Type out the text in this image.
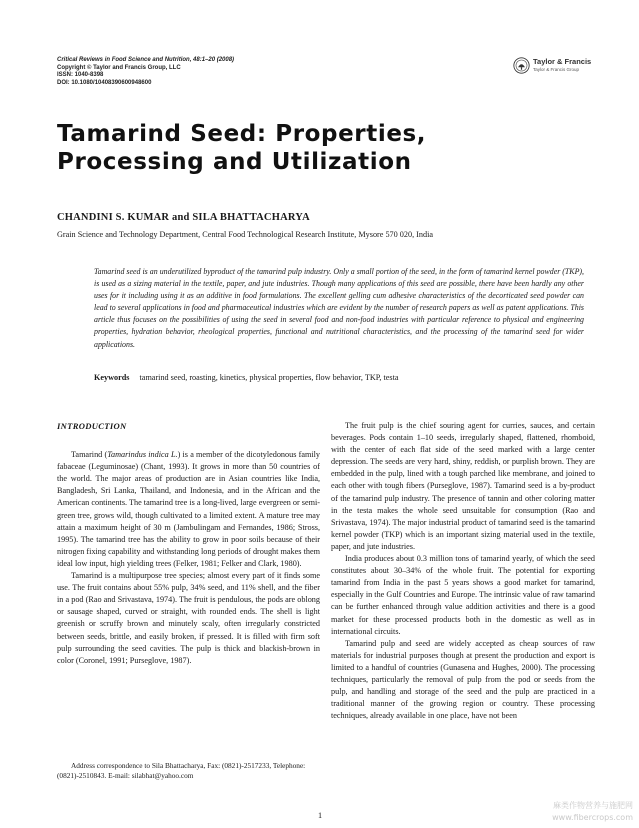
Critical Reviews in Food Science and Nutrition, 48:1–20 (2008)
Copyright © Taylor and Francis Group, LLC
ISSN: 1040-8398
DOI: 10.1080/10408390600948600
Taylor & Francis
Taylor & Francis Group
Tamarind Seed: Properties,
Processing and Utilization
CHANDINI S. KUMAR and SILA BHATTACHARYA
Grain Science and Technology Department, Central Food Technological Research Institute, Mysore 570 020, India
Tamarind seed is an underutilized byproduct of the tamarind pulp industry. Only a small portion of the seed, in the form of tamarind kernel powder (TKP), is used as a sizing material in the textile, paper, and jute industries. Though many applications of this seed are possible, there have been hardly any other uses for it including using it as an additive in food formulations. The excellent gelling cum adhesive characteristics of the decorticated seed powder can lead to several applications in food and pharmaceutical industries which are evident by the number of research papers as well as patent applications. This article thus focuses on the possibilities of using the seed in several food and non-food industries with particular reference to physical and engineering properties, hydration behavior, rheological properties, functional and nutritional characteristics, and the processing of the tamarind seed for wider applications.
Keywords tamarind seed, roasting, kinetics, physical properties, flow behavior, TKP, testa

INTRODUCTION

Tamarind (Tamarindus indica L.) is a member of the dicotyledonous family fabaceae (Leguminosae) (Chant, 1993). It grows in more than 50 countries of the world. The major areas of production are in Asian countries like India, Bangladesh, Sri Lanka, Thailand, and Indonesia, and in the African and the American continents. The tamarind tree is a long-lived, large evergreen or semi-green tree, grows wild, though cultivated to a limited extent. A mature tree may attain a maximum height of 30 m (Jambulingam and Fernandes, 1986; Stross, 1995). The tamarind tree has the ability to grow in poor soils because of their nitrogen fixing capability and withstanding long periods of drought makes them ideal low input, high yielding trees (Felker, 1981; Felker and Clark, 1980).

Tamarind is a multipurpose tree species; almost every part of it finds some use. The fruit contains about 55% pulp, 34% seed, and 11% shell, and the fiber in a pod (Rao and Srivastava, 1974). The fruit is pendulous, the pods are oblong or sausage shaped, curved or straight, with rounded ends. The shell is light greenish or scruffy brown and minutely scaly, often irregularly constricted between seeds, brittle, and easily broken, if pressed. It is filled with firm soft pulp surrounding the seed cavities. The pulp is thick and blackish-brown in color (Coronel, 1991; Purseglove, 1987).

The fruit pulp is the chief souring agent for curries, sauces, and certain beverages. Pods contain 1–10 seeds, irregularly shaped, flattened, rhomboid, with the center of each flat side of the seed marked with a large center depression. The seeds are very hard, shiny, reddish, or purplish brown. They are embedded in the pulp, lined with a tough parched like membrane, and joined to each other with tough fibers (Purseglove, 1987). Tamarind seed is a by-product of the tamarind pulp industry. The presence of tannin and other coloring matter in the testa makes the whole seed unsuitable for consumption (Rao and Srivastava, 1974). The major industrial product of tamarind seed is the tamarind kernel powder (TKP) which is an important sizing material used in the textile, paper, and jute industries.

India produces about 0.3 million tons of tamarind yearly, of which the seed constitutes about 30–34% of the whole fruit. The potential for exporting tamarind from India in the past 5 years shows a good market for tamarind, especially in the Gulf Countries and Europe. The intrinsic value of raw tamarind can be further enhanced through value addition activities and there is a good market for these processed products both in the domestic as well as in international circuits.

Tamarind pulp and seed are widely accepted as cheap sources of raw materials for industrial purposes though at present the production and export is limited to a handful of countries (Gunasena and Hughes, 2000). The processing techniques, particularly the removal of pulp from the pod or seeds from the pulp, and handling and storage of the seed and the pulp are practiced in a traditional manner of the growing region or country. These processing techniques, already available in one place, have not been

Address correspondence to Sila Bhattacharya, Fax: (0821)-2517233, Telephone: (0821)-2510843. E-mail: silabhat@yahoo.com
1
麻类作物营养与施肥网
www.fibercrops.com
